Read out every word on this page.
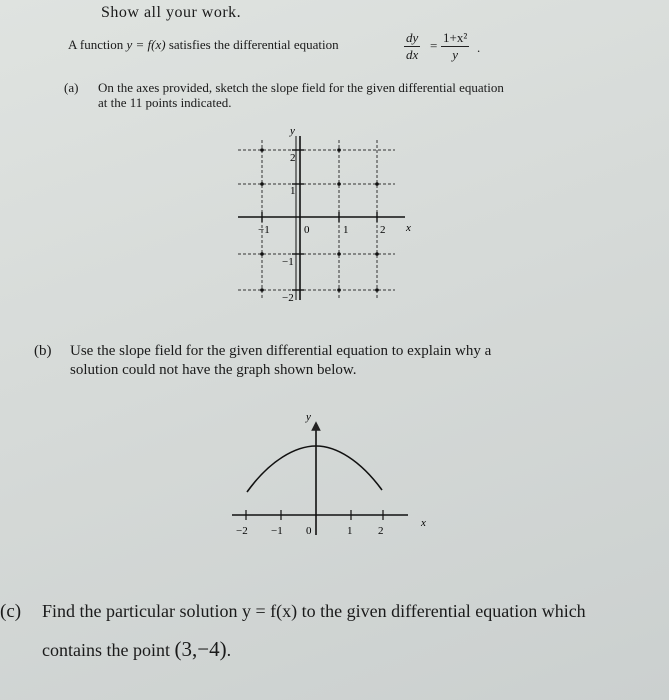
Show all your work.
A function y = f(x) satisfies the differential equation	$\frac{dy}{dx} = \frac{\text{1+x²}}{y}$ .
(a) On the axes provided, sketch the slope field for the given differential equation
at the 11 points indicated.
y
x
−1	0	1	2
2
1
−1
−2
y
x
−2 −1 0	1 2
(b) Use the slope field for the given differential equation to explain why a
solution could not have the graph shown below.
(c) Find the particular solution y = f(x) to the given differential equation which
contains the point (3,−4).
